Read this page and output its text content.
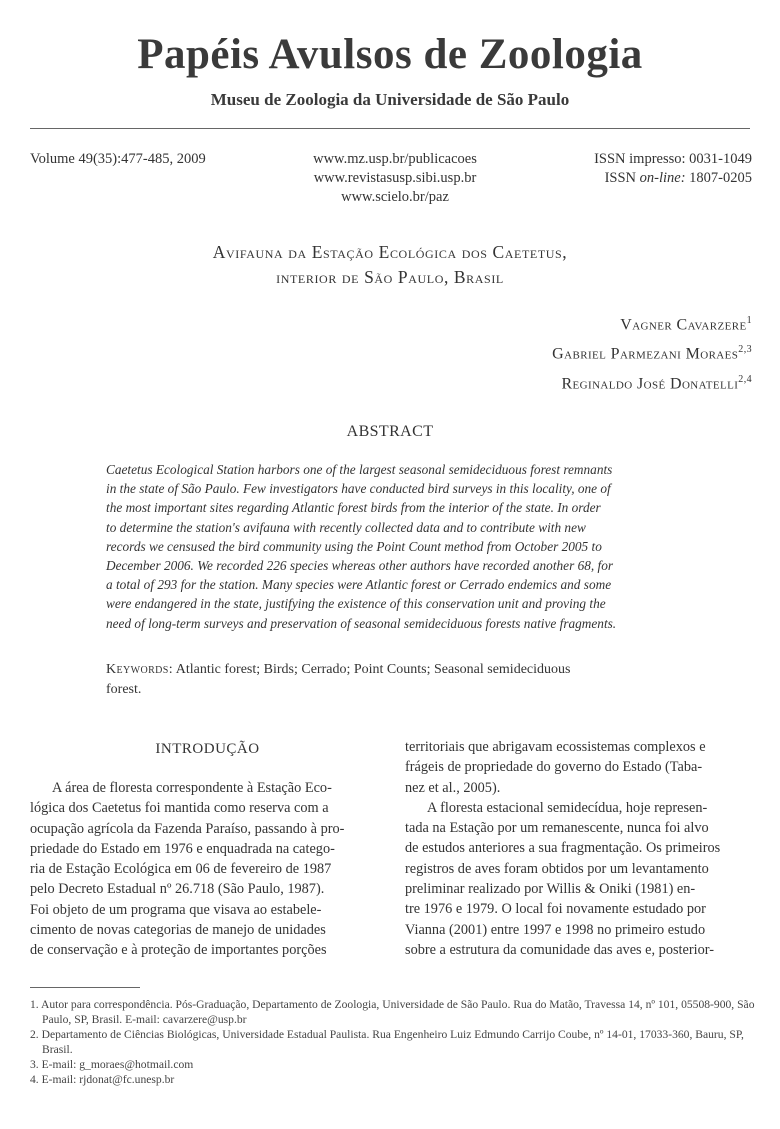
Papéis Avulsos de Zoologia
Museu de Zoologia da Universidade de São Paulo
Volume 49(35):477-485, 2009	www.mz.usp.br/publicacoes
www.revistasusp.sibi.usp.br
www.scielo.br/paz
ISSN impresso: 0031-1049
ISSN on-line: 1807-0205
Avifauna da Estação Ecológica dos Caetetus,
interior de São Paulo, Brasil
Vagner Cavarzere$^1$
Gabriel Parmezani Moraes$^{2,3}$
Reginaldo José Donatelli$^{2,4}$
ABSTRACT
Caetetus Ecological Station harbors one of the largest seasonal semideciduous forest remnants
in the state of São Paulo. Few investigators have conducted bird surveys in this locality, one of
the most important sites regarding Atlantic forest birds from the interior of the state. In order
to determine the station's avifauna with recently collected data and to contribute with new
records we censused the bird community using the Point Count method from October 2005 to
December 2006. We recorded 226 species whereas other authors have recorded another 68, for
a total of 293 for the station. Many species were Atlantic forest or Cerrado endemics and some
were endangered in the state, justifying the existence of this conservation unit and proving the
need of long-term surveys and preservation of seasonal semideciduous forests native fragments.
Keywords: Atlantic forest; Birds; Cerrado; Point Counts; Seasonal semideciduous
forest.
INTRODUÇÃO
A área de floresta correspondente à Estação Eco-
lógica dos Caetetus foi mantida como reserva com a
ocupação agrícola da Fazenda Paraíso, passando à pro-
priedade do Estado em 1976 e enquadrada na catego-
ria de Estação Ecológica em 06 de fevereiro de 1987
pelo Decreto Estadual nº 26.718 (São Paulo, 1987).
Foi objeto de um programa que visava ao estabele-
cimento de novas categorias de manejo de unidades
de conservação e à proteção de importantes porções
territoriais que abrigavam ecossistemas complexos e
frágeis de propriedade do governo do Estado (Taba-
nez et al., 2005).
A floresta estacional semidecídua, hoje represen-
tada na Estação por um remanescente, nunca foi alvo
de estudos anteriores a sua fragmentação. Os primeiros
registros de aves foram obtidos por um levantamento
preliminar realizado por Willis & Oniki (1981) en-
tre 1976 e 1979. O local foi novamente estudado por
Vianna (2001) entre 1997 e 1998 no primeiro estudo
sobre a estrutura da comunidade das aves e, posterior-
1. Autor para correspondência. Pós-Graduação, Departamento de Zoologia, Universidade de São Paulo. Rua do Matão, Travessa 14, nº 101, 05508-900, São Paulo, SP, Brasil. E-mail: cavarzere@usp.br
2. Departamento de Ciências Biológicas, Universidade Estadual Paulista. Rua Engenheiro Luiz Edmundo Carrijo Coube, nº 14-01, 17033-360, Bauru, SP, Brasil.
3. E-mail: g_moraes@hotmail.com
4. E-mail: rjdonat@fc.unesp.br
